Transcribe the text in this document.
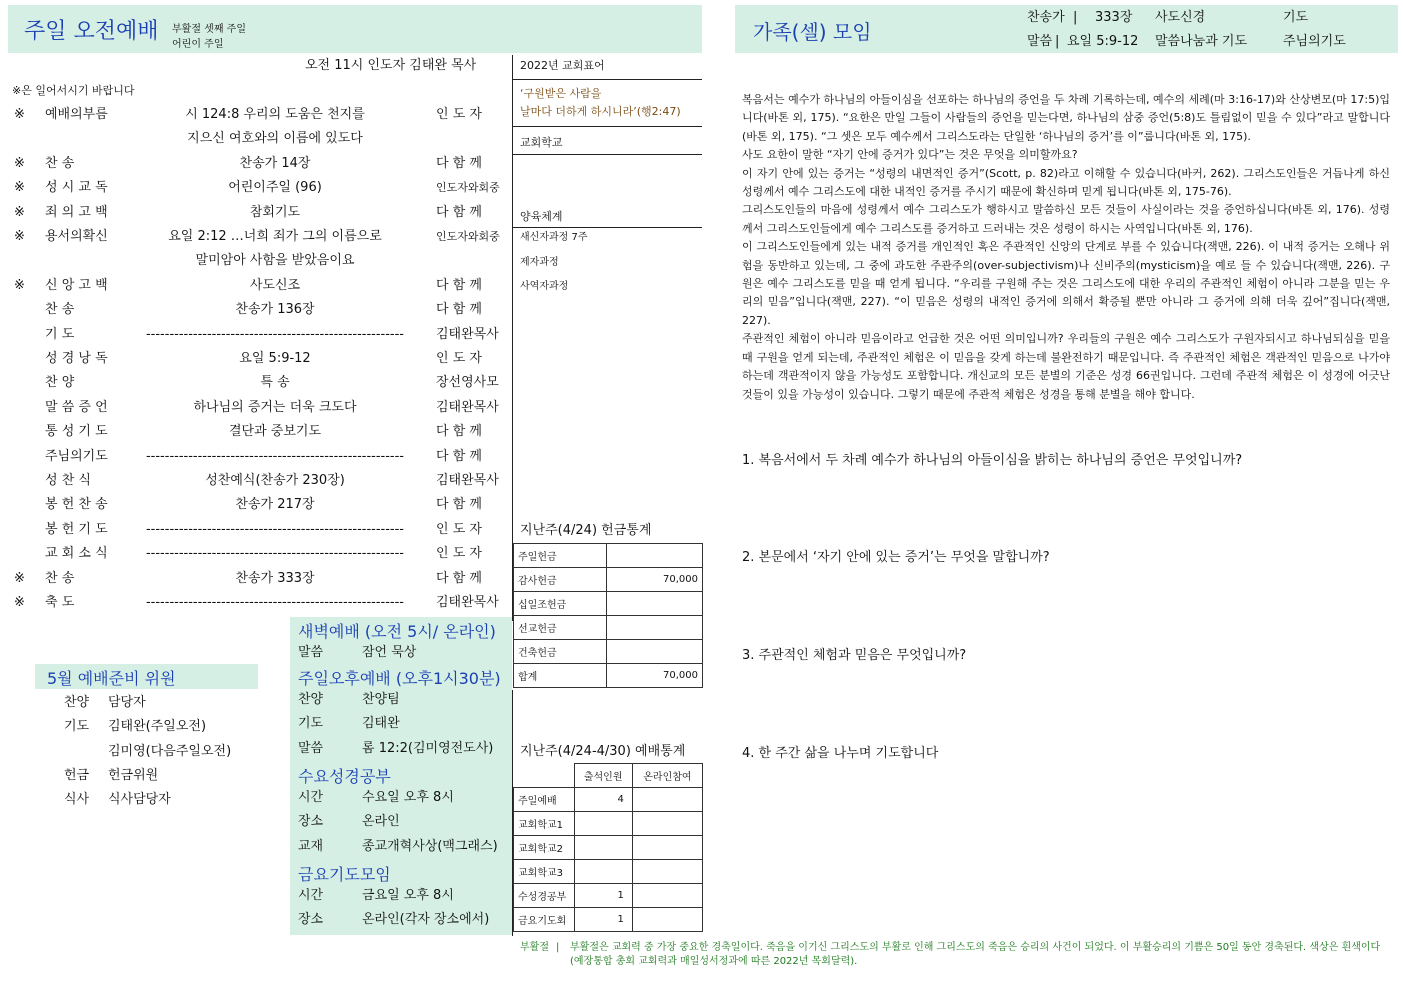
주일 오전예배 부활절 셋째 주일
어린이 주일
오전 11시 인도자 김태완 목사
※은 일어서시기 바랍니다
※ 예배의부름	시 124:8 우리의 도움은 천지를	인 도 자
지으신 여호와의 이름에 있도다
※ 찬 송	찬송가 14장	다 함 께
※ 성 시 교 독	어린이주일 (96)	인도자와회중
※ 죄 의 고 백	참회기도	다 함 께
※ 용서의확신	요일 2:12 …너희 죄가 그의 이름으로	인도자와회중
말미암아 사함을 받았음이요
※ 신 앙 고 백	사도신조	다 함 께
찬 송	찬송가 136장	다 함 께
기 도	-------------------------------------------------------	김태완목사
성 경 낭 독	요일 5:9-12	인 도 자
찬 양	특 송	장선영사모
말 씀 증 언	하나님의 증거는 더욱 크도다	김태완목사
통 성 기 도	결단과 중보기도	다 함 께
주님의기도	-------------------------------------------------------	다 함 께
성 찬 식	성찬예식(찬송가 230장)	김태완목사
봉 헌 찬 송	찬송가 217장	다 함 께
봉 헌 기 도	-------------------------------------------------------	인 도 자
교 회 소 식	-------------------------------------------------------	인 도 자
※ 찬 송	찬송가 333장	다 함 께
※ 축 도	-------------------------------------------------------	김태완목사
2022년 교회표어
‘구원받은 사람을
날마다 더하게 하시니라’(행2:47)
교회학교
양육체계
새신자과정 7주
제자과정
사역자과정
지난주(4/24) 헌금통계
주일헌금	
감사헌금	70,000
십일조헌금	
선교헌금	
건축헌금	
합계	70,000
지난주(4/24-4/30) 예배통계
	출석인원	온라인참여
주일예배	4	
교회학교1		
교회학교2		
교회학교3		
수성경공부	1	
금요기도회	1	
5월 예배준비 위원
찬양 담당자
기도 김태완(주일오전)
김미영(다음주일오전)
헌금 헌금위원
식사 식사담당자
새벽예배 (오전 5시/ 온라인)
말씀	잠언 묵상
주일오후예배 (오후1시30분)
찬양	찬양팀
기도	김태완
말씀	롬 12:2(김미영전도사)
수요성경공부
시간	수요일 오후 8시
장소	온라인
교재	종교개혁사상(맥그래스)
금요기도모임
시간	금요일 오후 8시
장소	온라인(각자 장소에서)
가족(셀) 모임
찬송가 | 333장 사도신경	기도
말씀 | 요일 5:9-12 말씀나눔과 기도	주님의기도
복음서는 예수가 하나님의 아들이심을 선포하는 하나님의 증언을 두 차례 기록하는데, 예수의 세례(마 3:16-17)와 산상변모(마 17:5)입니다(바톤 외, 175). “요한은 만일 그들이 사람들의 증언을 믿는다면, 하나님의 삼중 증언(5:8)도 틀림없이 믿을 수 있다”라고 말합니다(바톤 외, 175). “그 셋은 모두 예수께서 그리스도라는 단일한 ‘하나님의 증거’를 이”룹니다(바톤 외, 175).
사도 요한이 말한 “자기 안에 증거가 있다”는 것은 무엇을 의미할까요?
이 자기 안에 있는 증거는 “성령의 내면적인 증거”(Scott, p. 82)라고 이해할 수 있습니다(바커, 262). 그리스도인들은 거듭나게 하신 성령께서 예수 그리스도에 대한 내적인 증거를 주시기 때문에 확신하며 믿게 됩니다(바톤 외, 175-76).
그리스도인들의 마음에 성령께서 예수 그리스도가 행하시고 말씀하신 모든 것들이 사실이라는 것을 증언하십니다(바톤 외, 176). 성령께서 그리스도인들에게 예수 그리스도를 증거하고 드러내는 것은 성령이 하시는 사역입니다(바톤 외, 176).
이 그리스도인들에게 있는 내적 증거를 개인적인 혹은 주관적인 신앙의 단계로 부를 수 있습니다(잭맨, 226). 이 내적 증거는 오해나 위험을 동반하고 있는데, 그 중에 과도한 주관주의(over-subjectivism)나 신비주의(mysticism)을 예로 들 수 있습니다(잭맨, 226). 구원은 예수 그리스도를 믿을 때 얻게 됩니다. “우리를 구원해 주는 것은 그리스도에 대한 우리의 주관적인 체험이 아니라 그분을 믿는 우리의 믿음”입니다(잭맨, 227). “이 믿음은 성령의 내적인 증거에 의해서 확증될 뿐만 아니라 그 증거에 의해 더욱 깊어”집니다(잭맨, 227).
주관적인 체험이 아니라 믿음이라고 언급한 것은 어떤 의미입니까? 우리들의 구원은 예수 그리스도가 구원자되시고 하나님되심을 믿을 때 구원을 얻게 되는데, 주관적인 체험은 이 믿음을 갖게 하는데 불완전하기 때문입니다. 즉 주관적인 체험은 객관적인 믿음으로 나가야 하는데 객관적이지 않을 가능성도 포함합니다. 개신교의 모든 분별의 기준은 성경 66권입니다. 그런데 주관적 체험은 이 성경에 어긋난 것들이 있을 가능성이 있습니다. 그렇기 때문에 주관적 체험은 성경을 통해 분별을 해야 합니다.
1. 복음서에서 두 차례 예수가 하나님의 아들이심을 밝히는 하나님의 증언은 무엇입니까?
2. 본문에서 ‘자기 안에 있는 증거’는 무엇을 말합니까?
3. 주관적인 체험과 믿음은 무엇입니까?
4. 한 주간 삶을 나누며 기도합니다
부활절 | 부활절은 교회력 중 가장 중요한 경축일이다. 죽음을 이기신 그리스도의 부활로 인해 그리스도의 죽음은 승리의 사건이 되었다. 이 부활승리의 기쁨은 50일 동안 경축된다. 색상은 흰색이다(예장통합 총회 교회력과 매일성서정과에 따른 2022년 목회달력).
